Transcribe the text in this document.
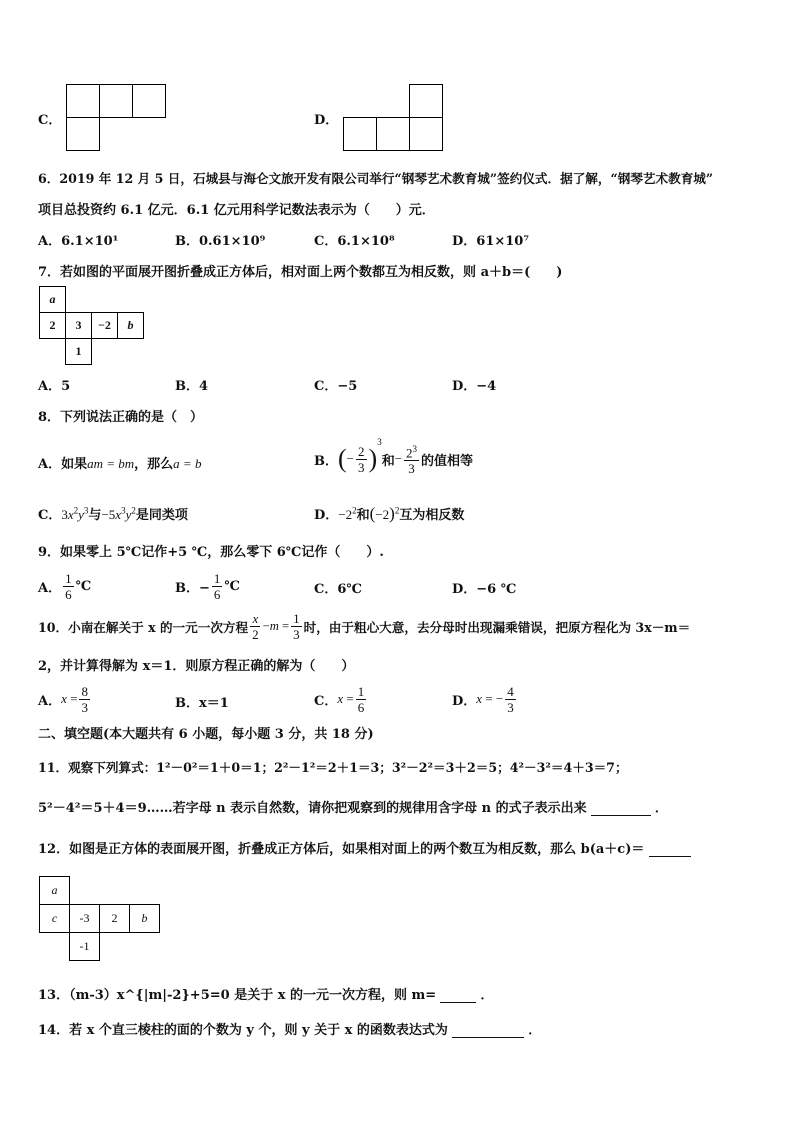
C．	D．
6．2019 年 12 月 5 日，石城县与海仑文旅开发有限公司举行“钢琴艺术教育城”签约仪式．据了解，“钢琴艺术教育城”
项目总投资约 6.1 亿元．6.1 亿元用科学记数法表示为（　　）元．
A．6.1×10¹	B．0.61×10⁹	C．6.1×10⁸	D．61×10⁷
7．若如图的平面展开图折叠成正方体后，相对面上两个数都互为相反数，则 a＋b＝(　　)
a
2	3	−2	b
1
A．5	B．4	C．−5	D．−4
8．下列说法正确的是（　）
A．如果am = bm，那么a = b	B． ( − $\frac{2}{3}$ )
$^3$
和 − $\frac{2^3}{3}$ 的值相等
C．$3x^2y^3$与$-5x^3y^2$是同类项	D．$-2^2$和$(-2)^2$互为相反数
9．如果零上 5℃记作+5 ℃，那么零下 6℃记作（　　）.
A． $\frac{1}{6}$ ℃	B．− $\frac{1}{6}$ ℃	C．6℃	D．−6 ℃
10．小南在解关于 x 的一元一次方程 $\frac{x}{2} -m = \frac{1}{3}$ 时，由于粗心大意，去分母时出现漏乘错误，把原方程化为 3x－m＝
2，并计算得解为 x＝1．则原方程正确的解为（　　）
A． $x = \frac{8}{3}$	B．x＝1	C． $x = \frac{1}{6}$	D． x = − $\frac{4}{3}$
二、填空题(本大题共有 6 小题，每小题 3 分，共 18 分)
11．观察下列算式：1²－0²＝1＋0＝1；2²－1²＝2＋1＝3；3²－2²＝3＋2＝5；4²－3²＝4＋3＝7；
5²－4²＝5＋4＝9……若字母 n 表示自然数，请你把观察到的规律用含字母 n 的式子表示出来	．
12．如图是正方体的表面展开图，折叠成正方体后，如果相对面上的两个数互为相反数，那么 b(a＋c)＝
a
c	-3	2	b
-1
13．（m-3）x^{|m|-2}+5=0 是关于 x 的一元一次方程，则 m=	．
14．若 x 个直三棱柱的面的个数为 y 个，则 y 关于 x 的函数表达式为	．
